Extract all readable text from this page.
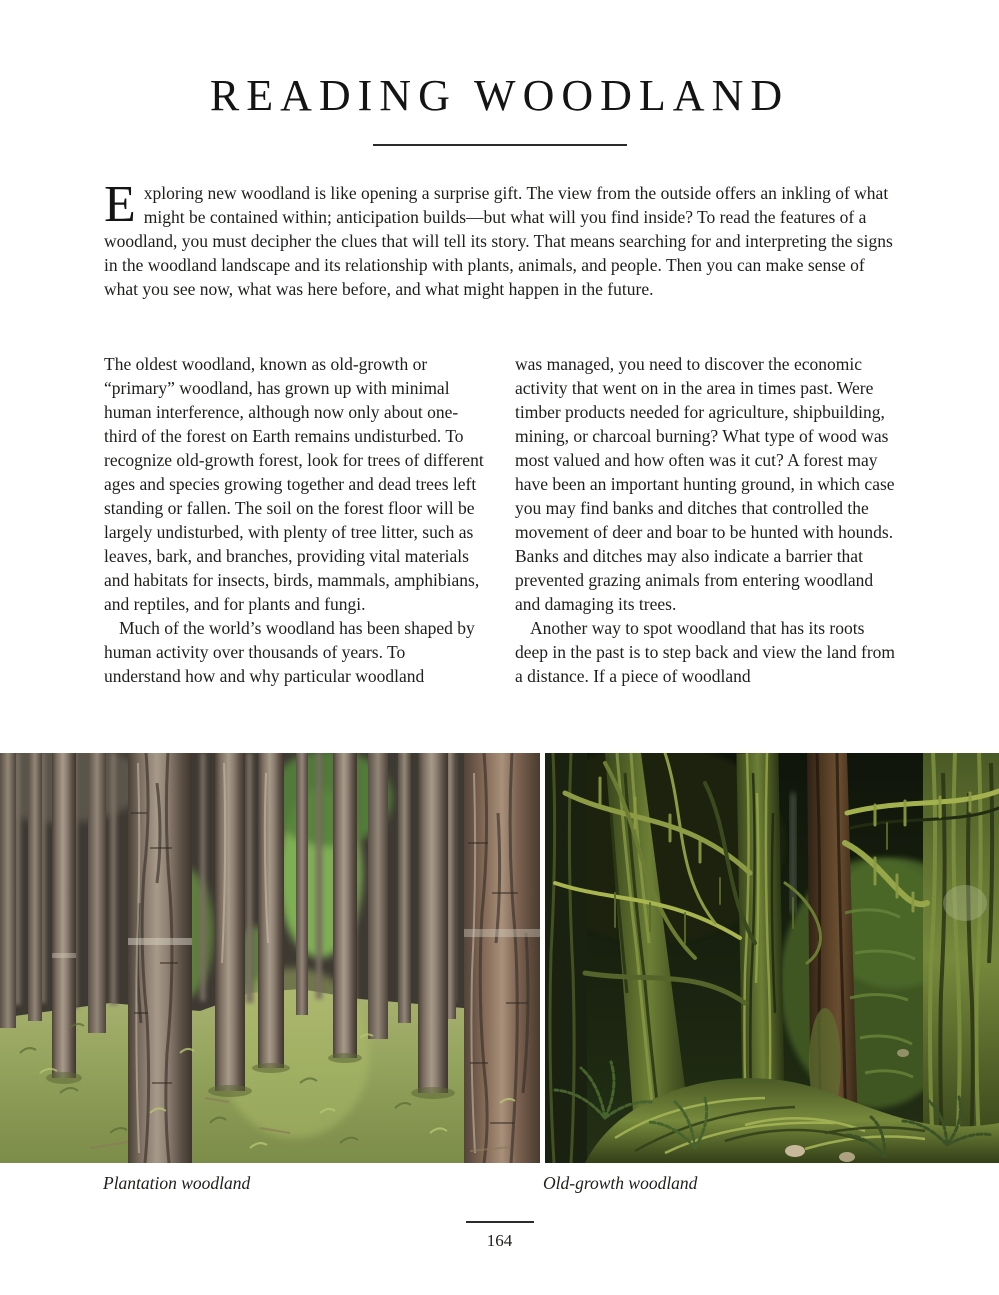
READING WOODLAND

Exploring new woodland is like opening a surprise gift. The view from the outside offers an inkling of what might be contained within; anticipation builds—but what will you find inside? To read the features of a woodland, you must decipher the clues that will tell its story. That means searching for and interpreting the signs in the woodland landscape and its relationship with plants, animals, and people. Then you can make sense of what you see now, what was here before, and what might happen in the future.

The oldest woodland, known as old-growth or “primary” woodland, has grown up with minimal human interference, although now only about one-third of the forest on Earth remains undisturbed. To recognize old-growth forest, look for trees of different ages and species growing together and dead trees left standing or fallen. The soil on the forest floor will be largely undisturbed, with plenty of tree litter, such as leaves, bark, and branches, providing vital materials and habitats for insects, birds, mammals, amphibians, and reptiles, and for plants and fungi.

Much of the world’s woodland has been shaped by human activity over thousands of years. To understand how and why particular woodland

was managed, you need to discover the economic activity that went on in the area in times past. Were timber products needed for agriculture, shipbuilding, mining, or charcoal burning? What type of wood was most valued and how often was it cut? A forest may have been an important hunting ground, in which case you may find banks and ditches that controlled the movement of deer and boar to be hunted with hounds. Banks and ditches may also indicate a barrier that prevented grazing animals from entering woodland and damaging its trees.

Another way to spot woodland that has its roots deep in the past is to step back and view the land from a distance. If a piece of woodland

Plantation woodland	Old-growth woodland
164
